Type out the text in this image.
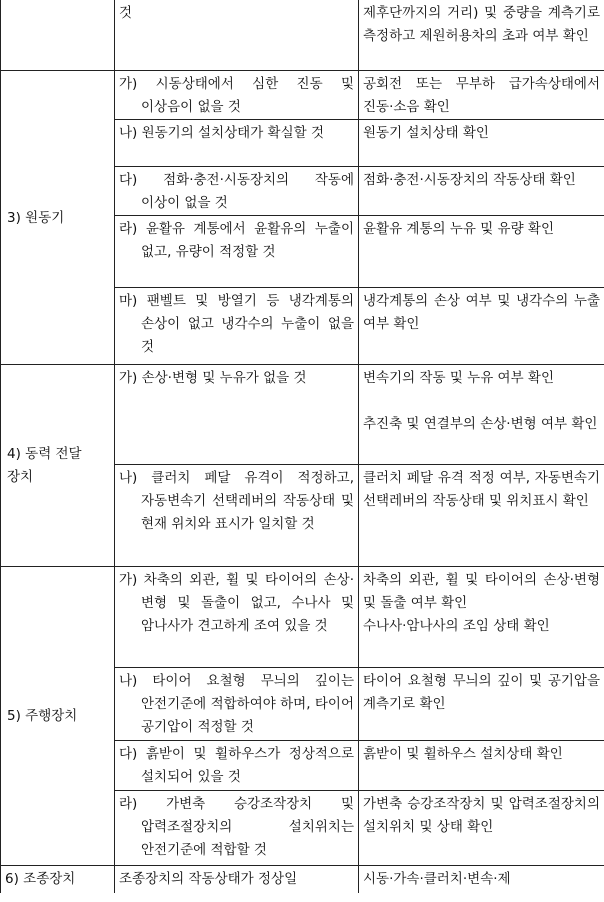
	것	제후단까지의 거리) 및 중량을 계측기로 측정하고 제원허용차의 초과 여부 확인
3) 원동기	가) 시동상태에서 심한 진동 및 이상음이 없을 것	공회전 또는 무부하 급가속상태에서 진동·소음 확인

	나) 원동기의 설치상태가 확실할 것	원동기 설치상태 확인

	다) 점화·충전·시동장치의 작동에 이상이 없을 것	점화·충전·시동장치의 작동상태 확인

	라) 윤활유 계통에서 윤활유의 누출이 없고, 유량이 적정할 것	윤활유 계통의 누유 및 유량 확인

	마) 팬벨트 및 방열기 등 냉각계통의 손상이 없고 냉각수의 누출이 없을 것	냉각계통의 손상 여부 및 냉각수의 누출 여부 확인
4) 동력 전달 장치	가) 손상·변형 및 누유가 없을 것	변속기의 작동 및 누유 여부 확인
추진축 및 연결부의 손상·변형 여부 확인

	나) 클러치 페달 유격이 적정하고, 자동변속기 선택레버의 작동상태 및 현재 위치와 표시가 일치할 것	클러치 페달 유격 적정 여부, 자동변속기 선택레버의 작동상태 및 위치표시 확인
5) 주행장치	가) 차축의 외관, 휠 및 타이어의 손상·변형 및 돌출이 없고, 수나사 및 암나사가 견고하게 조여 있을 것	차축의 외관, 휠 및 타이어의 손상·변형 및 돌출 여부 확인
수나사·암나사의 조임 상태 확인

	나) 타이어 요철형 무늬의 깊이는 안전기준에 적합하여야 하며, 타이어 공기압이 적정할 것	타이어 요철형 무늬의 깊이 및 공기압을 계측기로 확인

	다) 흙받이 및 휠하우스가 정상적으로 설치되어 있을 것	흙받이 및 휠하우스 설치상태 확인

	라) 가변축 승강조작장치 및 압력조절장치의 설치위치는 안전기준에 적합할 것	가변축 승강조작장치 및 압력조절장치의 설치위치 및 상태 확인
6) 조종장치	조종장치의 작동상태가 정상일	시동·가속·클러치·변속·제
